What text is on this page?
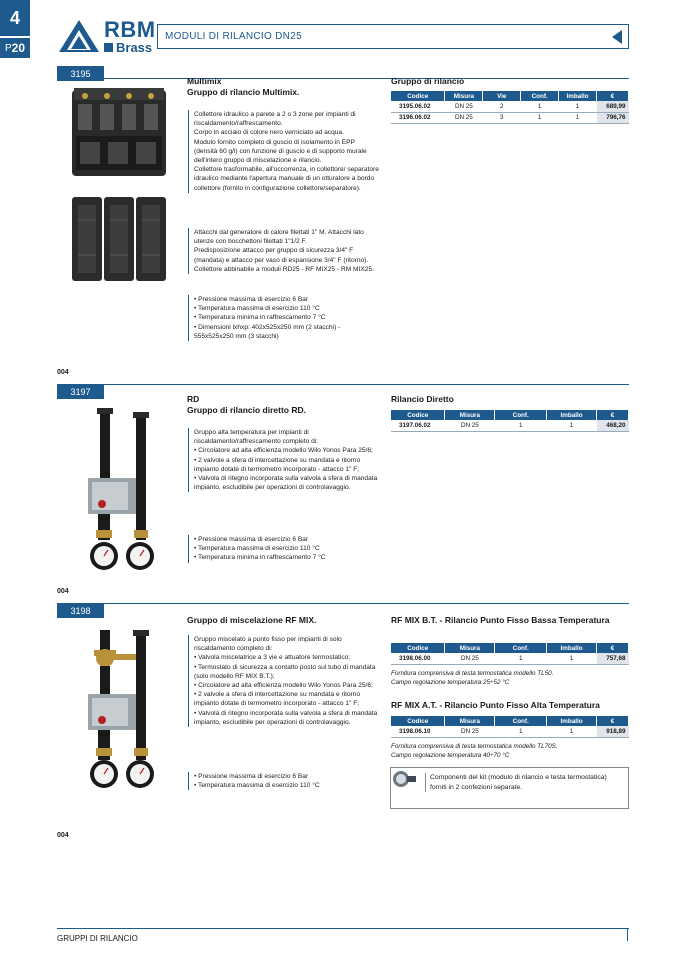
4
P 20
RBM
Brass
MODULI DI RILANCIO DN25
3195
Multimix
Gruppo di rilancio Multimix.

Collettore idraulico a parete a 2 o 3 zone per impianti di riscaldamento/raffrescamento.

Corpo in acciaio di colore nero verniciato ad acqua.

Modulo fornito completo di guscio di isolamento in EPP (densità 60 g/l) con funzione di guscio e di supporto murale dell'intero gruppo di miscelazione e rilancio.

Collettore trasformabile, all'occorrenza, in collettore/ separatore idraulico mediante l'apertura manuale di un otturatore a bordo collettore (fornito in configurazione collettore/separatore).

Attacchi dal generatore di calore filettati 1" M. Attacchi lato utenze con bocchettoni filettati 1"1/2 F.

Predisposizione attacco per gruppo di sicurezza 3/4" F (mandata) e attacco per vaso di espansione 3/4" F (ritorno). Collettore abbinabile a moduli RD25 - RF MIX25 - RM MIX25.

• Pressione massima di esercizio 6 Bar
• Temperatura massima di esercizio 110 °C
• Temperatura minima in raffrescamento 7 °C
• Dimensioni lxhxp: 402x525x250 mm (2 stacchi) - 555x525x250 mm (3 stacchi)
Gruppo di rilancio
Codice	Misura	Vie	Conf.	Imballo	€
3195.06.02	DN 25	2	1	1	689,99
3196.06.02	DN 25	3	1	1	796,76
004
3197
RD
Gruppo di rilancio diretto RD.

Gruppo alta temperatura per impianti di riscaldamento/raffrescamento completo di:

• Circolatore ad alta efficienza modello Wilo Yonos Para 25/6;
• 2 valvole a sfera di intercettazione su mandata e ritorno impianto dotate di termometro incorporato - attacco 1" F;
• Valvola di ritegno incorporata sulla valvola a sfera di mandata impianto, escludibile per operazioni di controlavaggio.
• Pressione massima di esercizio 6 Bar
• Temperatura massima di esercizio 110 °C
• Temperatura minima in raffrescamento 7 °C
Rilancio Diretto
Codice	Misura	Conf.	Imballo	€
3197.06.02	DN 25	1	1	468,20
004
3198
Gruppo di miscelazione RF MIX.

Gruppo miscelato a punto fisso per impianti di solo riscaldamento completo di:

• Valvola miscelatrice a 3 vie e attuatore termostatico;
• Termostato di sicurezza a contatto posto sul tubo di mandata (solo modello RF MIX B.T.);
• Circolatore ad alta efficienza modello Wilo Yonos Para 25/6;
• 2 valvole a sfera di intercettazione su mandata e ritorno impianto dotate di termometro incorporato - attacco 1" F;
• Valvola di ritegno incorporata sulla valvola a sfera di mandata impianto, escludibile per operazioni di controlavaggio.
• Pressione massima di esercizio 6 Bar
• Temperatura massima di esercizio 110 °C
RF MIX B.T. - Rilancio Punto Fisso Bassa Temperatura
Codice	Misura	Conf.	Imballo	€
3198.06.00	DN 25	1	1	757,68
Fornitura comprensiva di testa termostatica modello TL50.
Campo regolazione temperatura 25÷52 °C
RF MIX A.T. - Rilancio Punto Fisso Alta Temperatura
Codice	Misura	Conf.	Imballo	€
3198.06.10	DN 25	1	1	918,89
Fornitura comprensiva di testa termostatica modello TL70S.
Campo regolazione temperatura 40÷70 °C
Componenti del kit (modulo di rilancio e testa termostatica) forniti in 2 confezioni separate.
004
GRUPPI DI RILANCIO
